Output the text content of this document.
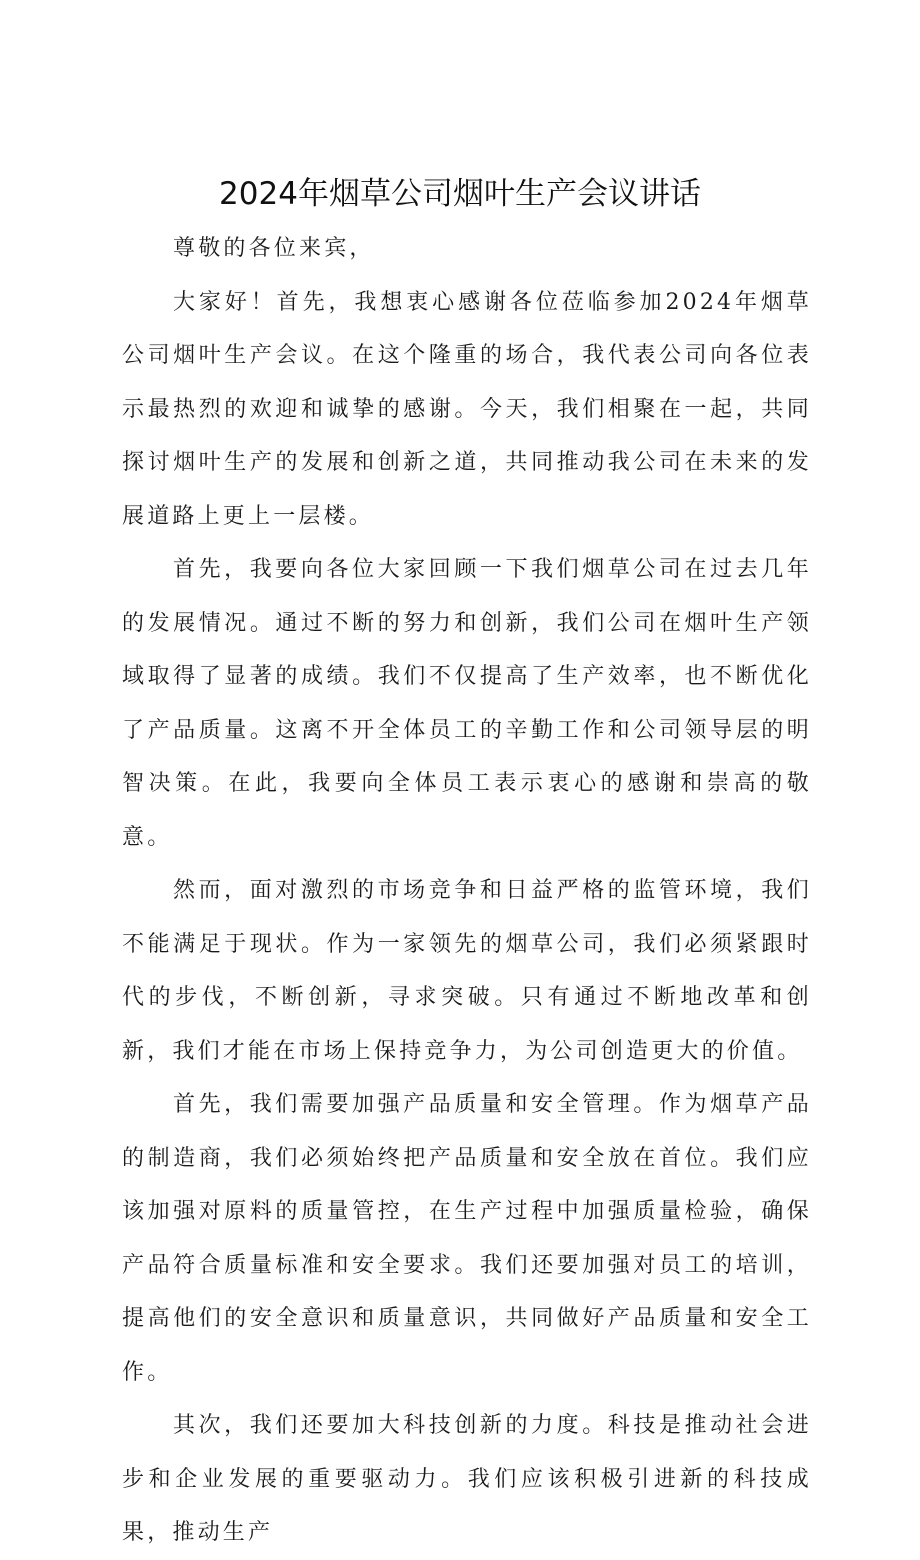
2024年烟草公司烟叶生产会议讲话

尊敬的各位来宾，

大家好！首先，我想衷心感谢各位莅临参加2024年烟草公司烟叶生产会议。在这个隆重的场合，我代表公司向各位表示最热烈的欢迎和诚挚的感谢。今天，我们相聚在一起，共同探讨烟叶生产的发展和创新之道，共同推动我公司在未来的发展道路上更上一层楼。

首先，我要向各位大家回顾一下我们烟草公司在过去几年的发展情况。通过不断的努力和创新，我们公司在烟叶生产领域取得了显著的成绩。我们不仅提高了生产效率，也不断优化了产品质量。这离不开全体员工的辛勤工作和公司领导层的明智决策。在此，我要向全体员工表示衷心的感谢和崇高的敬意。

然而，面对激烈的市场竞争和日益严格的监管环境，我们不能满足于现状。作为一家领先的烟草公司，我们必须紧跟时代的步伐，不断创新，寻求突破。只有通过不断地改革和创新，我们才能在市场上保持竞争力，为公司创造更大的价值。

首先，我们需要加强产品质量和安全管理。作为烟草产品的制造商，我们必须始终把产品质量和安全放在首位。我们应该加强对原料的质量管控，在生产过程中加强质量检验，确保产品符合质量标准和安全要求。我们还要加强对员工的培训，提高他们的安全意识和质量意识，共同做好产品质量和安全工作。

其次，我们还要加大科技创新的力度。科技是推动社会进步和企业发展的重要驱动力。我们应该积极引进新的科技成果，推动生产
